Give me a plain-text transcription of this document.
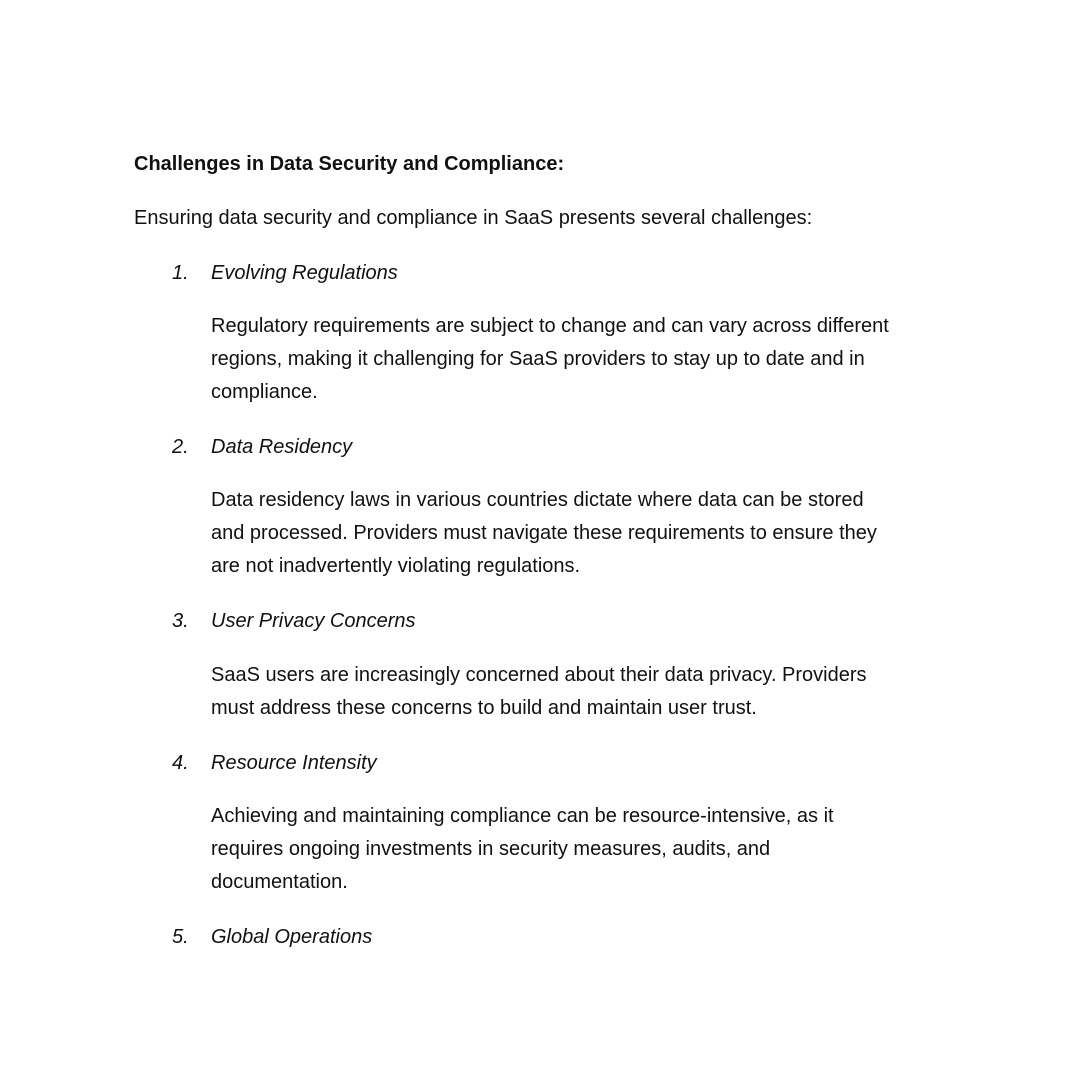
Challenges in Data Security and Compliance:

Ensuring data security and compliance in SaaS presents several challenges:

1. Evolving Regulations

Regulatory requirements are subject to change and can vary across different
regions, making it challenging for SaaS providers to stay up to date and in
compliance.

2. Data Residency

Data residency laws in various countries dictate where data can be stored
and processed. Providers must navigate these requirements to ensure they
are not inadvertently violating regulations.

3. User Privacy Concerns

SaaS users are increasingly concerned about their data privacy. Providers
must address these concerns to build and maintain user trust.

4. Resource Intensity

Achieving and maintaining compliance can be resource-intensive, as it
requires ongoing investments in security measures, audits, and
documentation.

5. Global Operations
